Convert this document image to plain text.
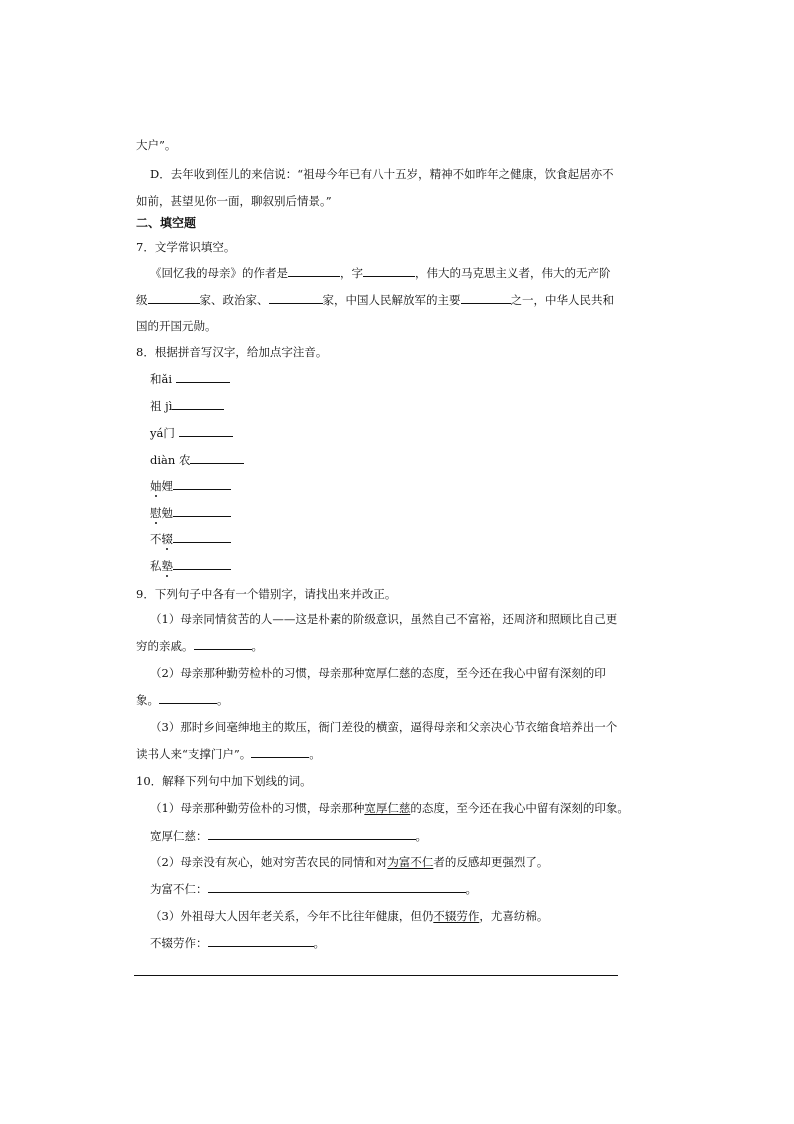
大户”。
D．去年收到侄儿的来信说：“祖母今年已有八十五岁，精神不如昨年之健康，饮食起居亦不
如前，甚望见你一面，聊叙别后情景。”
二、填空题
7．文学常识填空。
《回忆我的母亲》的作者是	，字	，伟大的马克思主义者，伟大的无产阶
级	家、政治家、	家，中国人民解放军的主要	之一，中华人民共和
国的开国元勋。
8．根据拼音写汉字，给加点字注音。
和ǎi
祖 jì
yá门
diàn 农
妯娌
慰勉
不辍
私塾
9．下列句子中各有一个错别字，请找出来并改正。
（1）母亲同情贫苦的人——这是朴素的阶级意识，虽然自己不富裕，还周济和照顾比自己更
穷的亲戚。	。
（2）母亲那种勤劳检朴的习惯，母亲那种宽厚仁慈的态度，至今还在我心中留有深刻的印
象。	。
（3）那时乡间毫绅地主的欺压，衙门差役的横蛮，逼得母亲和父亲决心节衣缩食培养出一个
读书人来“支撑门户”。	。
10．解释下列句中加下划线的词。
（1）母亲那种勤劳俭朴的习惯，母亲那种宽厚仁慈的态度，至今还在我心中留有深刻的印象。
宽厚仁慈：	。
（2）母亲没有灰心，她对穷苦农民的同情和对为富不仁者的反感却更强烈了。
为富不仁：	。
（3）外祖母大人因年老关系，今年不比往年健康，但仍不辍劳作，尤喜纺棉。
不辍劳作：	。
